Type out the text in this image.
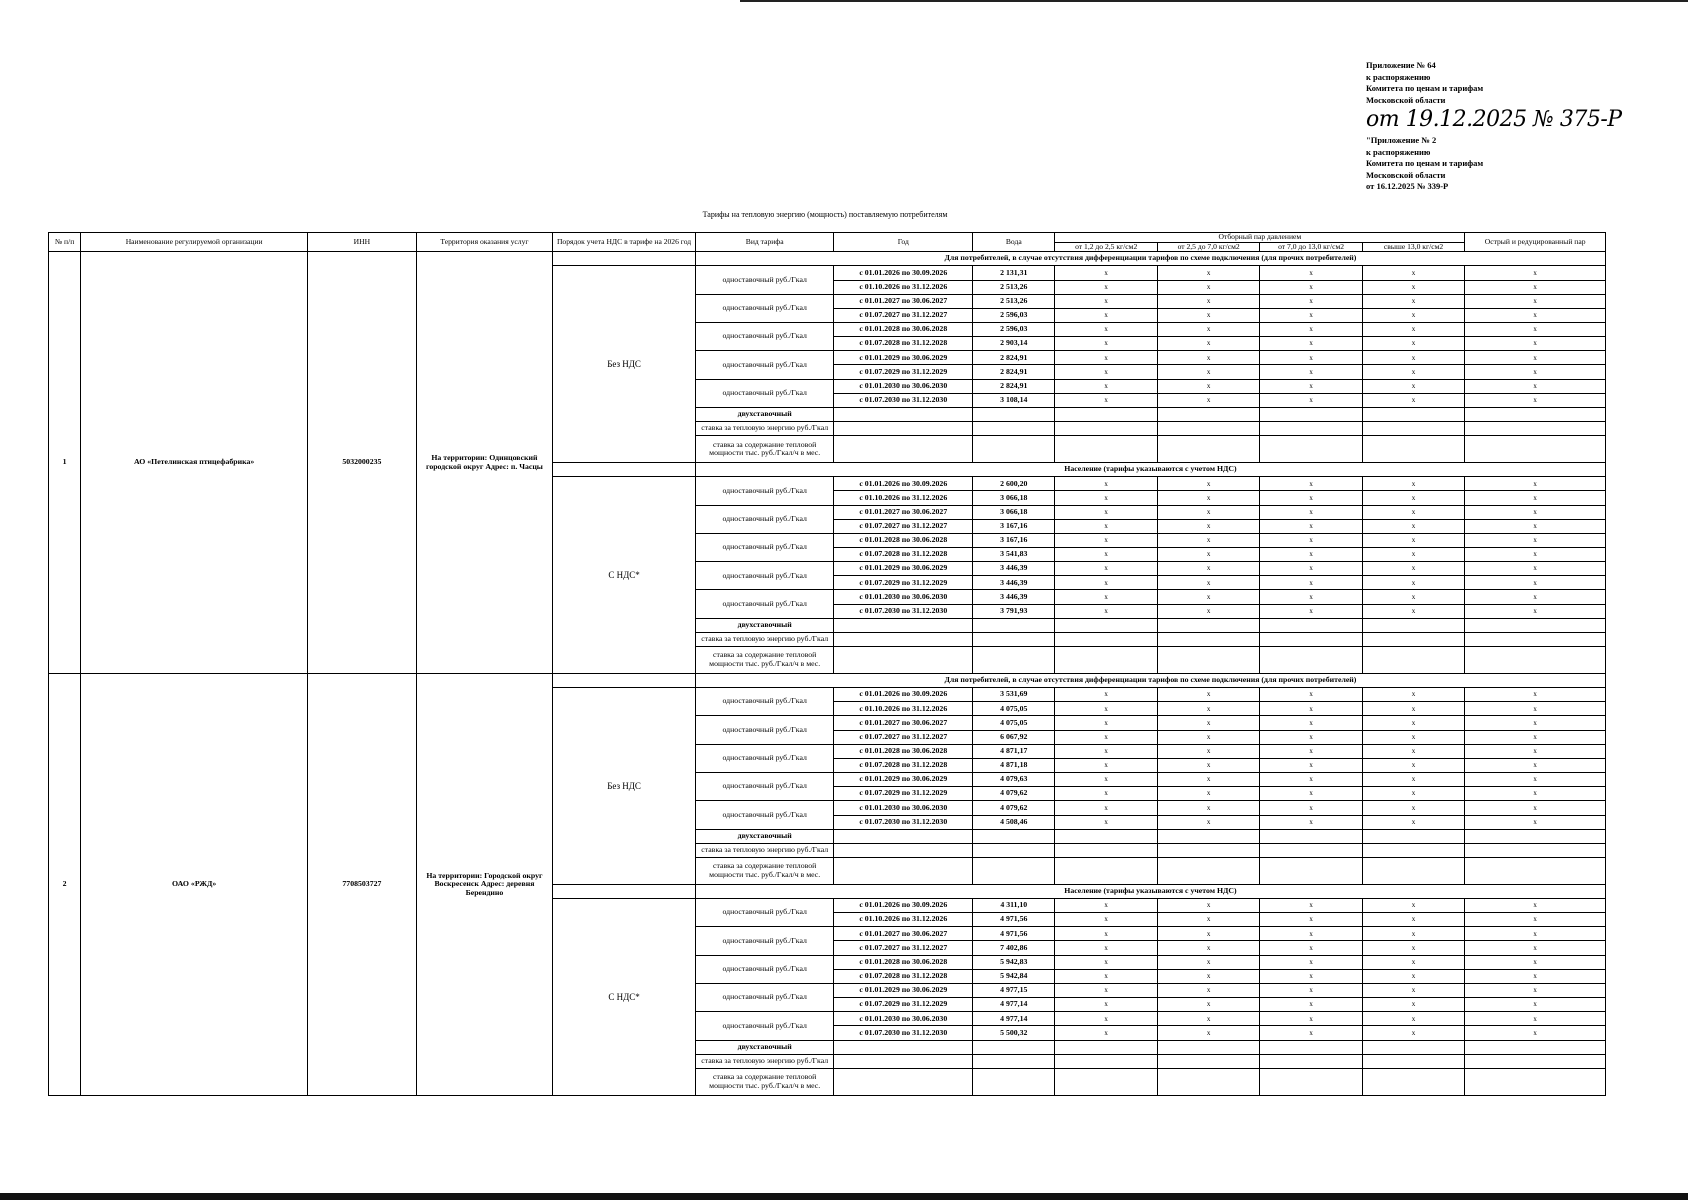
Приложение № 64
к распоряжению
Комитета по ценам и тарифам
Московской области
от 19.12.2025 № 375-Р
"Приложение № 2
к распоряжению
Комитета по ценам и тарифам
Московской области
от 16.12.2025 № 339-Р
Тарифы на тепловую энергию (мощность) поставляемую потребителям
№ п/п	Наименование регулируемой организации	ИНН	Территория оказания услуг	Порядок учета НДС в тарифе на 2026 год	Вид тарифа	Год	Вода	Отборный пар давлением				Острый и редуцированный пар
								от 1,2 до 2,5 кг/см2	от 2,5 до 7,0 кг/см2	от 7,0 до 13,0 кг/см2	свыше 13,0 кг/см2	
1	АО «Петелинская птицефабрика»	5032000235	На территории: Одинцовский городской округ Адрес: п. Часцы		Для потребителей, в случае отсутствия дифференциации тарифов по схеме подключения (для прочих потребителей)							
				Без НДС	одноставочный руб./Гкал	с 01.01.2026 по 30.09.2026	2 131,31	x	x	x	x	x
						с 01.10.2026 по 31.12.2026	2 513,26	x	x	x	x	x
					одноставочный руб./Гкал	с 01.01.2027 по 30.06.2027	2 513,26	x	x	x	x	x
						с 01.07.2027 по 31.12.2027	2 596,03	x	x	x	x	x
					одноставочный руб./Гкал	с 01.01.2028 по 30.06.2028	2 596,03	x	x	x	x	x
						с 01.07.2028 по 31.12.2028	2 903,14	x	x	x	x	x
					одноставочный руб./Гкал	с 01.01.2029 по 30.06.2029	2 824,91	x	x	x	x	x
						с 01.07.2029 по 31.12.2029	2 824,91	x	x	x	x	x
					одноставочный руб./Гкал	с 01.01.2030 по 30.06.2030	2 824,91	x	x	x	x	x
						с 01.07.2030 по 31.12.2030	3 108,14	x	x	x	x	x
					двухставочный							
					ставка за тепловую энергию руб./Гкал							

					ставка за содержание тепловой мощности тыс. руб./Гкал/ч в мес.							

					Население (тарифы указываются с учетом НДС)							
				С НДС*	одноставочный руб./Гкал	с 01.01.2026 по 30.09.2026	2 600,20	x	x	x	x	x
						с 01.10.2026 по 31.12.2026	3 066,18	x	x	x	x	x
					одноставочный руб./Гкал	с 01.01.2027 по 30.06.2027	3 066,18	x	x	x	x	x
						с 01.07.2027 по 31.12.2027	3 167,16	x	x	x	x	x
					одноставочный руб./Гкал	с 01.01.2028 по 30.06.2028	3 167,16	x	x	x	x	x
						с 01.07.2028 по 31.12.2028	3 541,83	x	x	x	x	x
					одноставочный руб./Гкал	с 01.01.2029 по 30.06.2029	3 446,39	x	x	x	x	x
						с 01.07.2029 по 31.12.2029	3 446,39	x	x	x	x	x
					одноставочный руб./Гкал	с 01.01.2030 по 30.06.2030	3 446,39	x	x	x	x	x
						с 01.07.2030 по 31.12.2030	3 791,93	x	x	x	x	x
					двухставочный							
					ставка за тепловую энергию руб./Гкал							

					ставка за содержание тепловой мощности тыс. руб./Гкал/ч в мес.							

2	ОАО «РЖД»	7708503727	На территории: Городской округ Воскресенск Адрес: деревня Берендино		Для потребителей, в случае отсутствия дифференциации тарифов по схеме подключения (для прочих потребителей)							
				Без НДС	одноставочный руб./Гкал	с 01.01.2026 по 30.09.2026	3 531,69	x	x	x	x	x
						с 01.10.2026 по 31.12.2026	4 075,05	x	x	x	x	x
					одноставочный руб./Гкал	с 01.01.2027 по 30.06.2027	4 075,05	x	x	x	x	x
						с 01.07.2027 по 31.12.2027	6 067,92	x	x	x	x	x
					одноставочный руб./Гкал	с 01.01.2028 по 30.06.2028	4 871,17	x	x	x	x	x
						с 01.07.2028 по 31.12.2028	4 871,18	x	x	x	x	x
					одноставочный руб./Гкал	с 01.01.2029 по 30.06.2029	4 079,63	x	x	x	x	x
						с 01.07.2029 по 31.12.2029	4 079,62	x	x	x	x	x
					одноставочный руб./Гкал	с 01.01.2030 по 30.06.2030	4 079,62	x	x	x	x	x
						с 01.07.2030 по 31.12.2030	4 508,46	x	x	x	x	x
					двухставочный							
					ставка за тепловую энергию руб./Гкал							

					ставка за содержание тепловой мощности тыс. руб./Гкал/ч в мес.							

					Население (тарифы указываются с учетом НДС)							
				С НДС*	одноставочный руб./Гкал	с 01.01.2026 по 30.09.2026	4 311,10	x	x	x	x	x
						с 01.10.2026 по 31.12.2026	4 971,56	x	x	x	x	x
					одноставочный руб./Гкал	с 01.01.2027 по 30.06.2027	4 971,56	x	x	x	x	x
						с 01.07.2027 по 31.12.2027	7 402,86	x	x	x	x	x
					одноставочный руб./Гкал	с 01.01.2028 по 30.06.2028	5 942,83	x	x	x	x	x
						с 01.07.2028 по 31.12.2028	5 942,84	x	x	x	x	x
					одноставочный руб./Гкал	с 01.01.2029 по 30.06.2029	4 977,15	x	x	x	x	x
						с 01.07.2029 по 31.12.2029	4 977,14	x	x	x	x	x
					одноставочный руб./Гкал	с 01.01.2030 по 30.06.2030	4 977,14	x	x	x	x	x
						с 01.07.2030 по 31.12.2030	5 500,32	x	x	x	x	x
					двухставочный							
					ставка за тепловую энергию руб./Гкал							

					ставка за содержание тепловой мощности тыс. руб./Гкал/ч в мес.							
